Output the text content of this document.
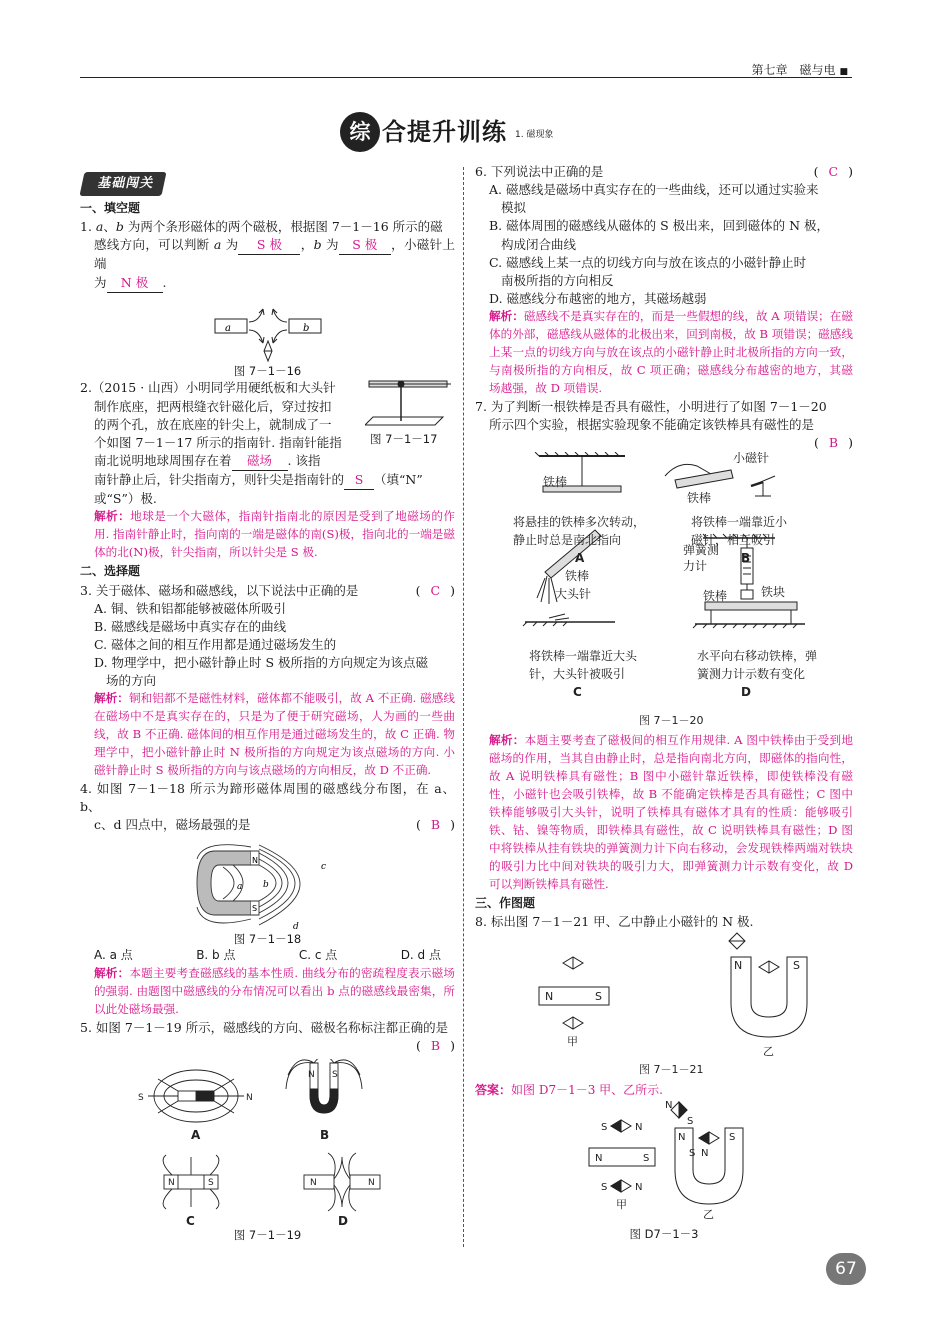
第七章　磁与电 ■
综 合提升训练 1. 磁现象
基础闯关
一、填空题
1. a、b 为两个条形磁体的两个磁极，根据图 7－1－16 所示的磁
感线方向，可以判断 a 为 S 极 ，b 为 S 极 ，小磁针上端
为 N 极 .
a	b
图 7－1－16
2.（2015 · 山西）小明同学用硬纸板和大头针
制作底座，把两根缝衣针磁化后，穿过按扣
的两个孔，放在底座的针尖上，就制成了一
个如图 7－1－17 所示的指南针. 指南针能指
南北说明地球周围存在着 磁场 . 该指
南针静止后，针尖指南方，则针尖是指南针的 S （填“N”
或“S”）极.
图 7－1－17
解析：地球是一个大磁体，指南针指南北的原因是受到了地磁场的作用. 指南针静止时，指向南的一端是磁体的南(S)极，指向北的一端是磁体的北(N)极，针尖指南，所以针尖是 S 极.
二、选择题
3. 关于磁体、磁场和磁感线，以下说法中正确的是	( C )
A. 铜、铁和铝都能够被磁体所吸引
B. 磁感线是磁场中真实存在的曲线
C. 磁体之间的相互作用都是通过磁场发生的
D. 物理学中，把小磁针静止时 S 极所指的方向规定为该点磁
场的方向
解析：铜和铝都不是磁性材料，磁体都不能吸引，故 A 不正确. 磁感线在磁场中不是真实存在的，只是为了便于研究磁场，人为画的一些曲线，故 B 不正确. 磁体间的相互作用是通过磁场发生的，故 C 正确. 物理学中，把小磁针静止时 N 极所指的方向规定为该点磁场的方向. 小磁针静止时 S 极所指的方向与该点磁场的方向相反，故 D 不正确.
4. 如图 7－1－18 所示为蹄形磁体周围的磁感线分布图，在 a、b、
c、d 四点中，磁场最强的是	( B )
N
S
a b
c
d
图 7－1－18
A. a 点	B. b 点	C. c 点	D. d 点
解析：本题主要考查磁感线的基本性质. 曲线分布的密疏程度表示磁场的强弱. 由题图中磁感线的分布情况可以看出 b 点的磁感线最密集，所以此处磁场最强.
5. 如图 7－1－19 所示，磁感线的方向、磁极名称标注都正确的是
( B )
S	N
N S
N	S	N	N
A	B
C	D
图 7－1－19
6. 下列说法中正确的是	( C )
A. 磁感线是磁场中真实存在的一些曲线，还可以通过实验来
模拟
B. 磁体周围的磁感线从磁体的 S 极出来，回到磁体的 N 极，
构成闭合曲线
C. 磁感线上某一点的切线方向与放在该点的小磁针静止时
南极所指的方向相反
D. 磁感线分布越密的地方，其磁场越弱
解析：磁感线不是真实存在的，而是一些假想的线，故 A 项错误；在磁体的外部，磁感线从磁体的北极出来，回到南极，故 B 项错误；磁感线上某一点的切线方向与放在该点的小磁针静止时北极所指的方向一致，与南极所指的方向相反，故 C 项正确；磁感线分布越密的地方，其磁场越强，故 D 项错误.
7. 为了判断一根铁棒是否具有磁性，小明进行了如图 7－1－20
所示四个实验，根据实验现象不能确定该铁棒具有磁性的是
( B )
铁棒
将悬挂的铁棒多次转动，
静止时总是南北指向
小磁针
铁棒
将铁棒一端靠近小
磁针，相互吸引
A	B
铁棒
大头针
将铁棒一端靠近大头
针，大头针被吸引
C
弹簧测
力计
铁棒	铁块
水平向右移动铁棒，弹
簧测力计示数有变化
D
图 7－1－20
解析：本题主要考查了磁极间的相互作用规律. A 图中铁棒由于受到地磁场的作用，当其自由静止时，总是指向南北方向，即磁体的指向性，故 A 说明铁棒具有磁性；B 图中小磁针靠近铁棒，即使铁棒没有磁性，小磁针也会吸引铁棒，故 B 不能确定铁棒是否具有磁性；C 图中铁棒能够吸引大头针，说明了铁棒具有磁体才具有的性质：能够吸引铁、钴、镍等物质，即铁棒具有磁性，故 C 说明铁棒具有磁性；D 图中将铁棒从挂有铁块的弹簧测力计下向右移动，会发现铁棒两端对铁块的吸引力比中间对铁块的吸引力大，即弹簧测力计示数有变化，故 D 可以判断铁棒具有磁性.
三、作图题
8. 标出图 7－1－21 甲、乙中静止小磁针的 N 极.
N	S
N	S
甲
乙
图 7－1－21
答案：如图 D7－1－3 甲、乙所示.
N
S
S	N
N	S
S	N
N	S
S N
甲
乙
图 D7－1－3
67
